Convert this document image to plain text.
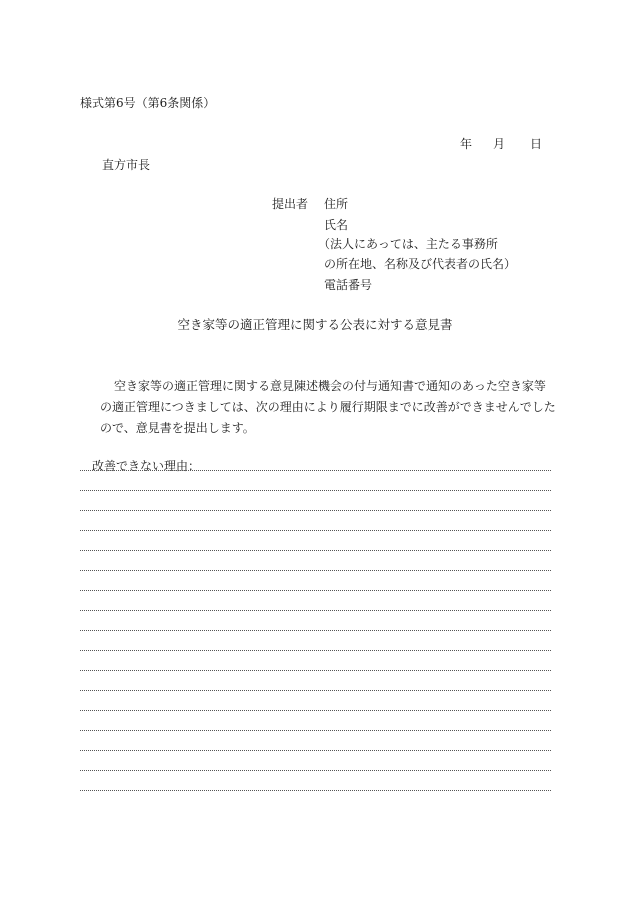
様式第6号（第6条関係）
年 月 日
直方市長
提出者 住所
氏名
（法人にあっては、主たる事務所
の所在地、名称及び代表者の氏名）
電話番号
空き家等の適正管理に関する公表に対する意見書
空き家等の適正管理に関する意見陳述機会の付与通知書で通知のあった空き家等の適正管理につきましては、次の理由により履行期限までに改善ができませんでしたので、意見書を提出します。
改善できない理由：
